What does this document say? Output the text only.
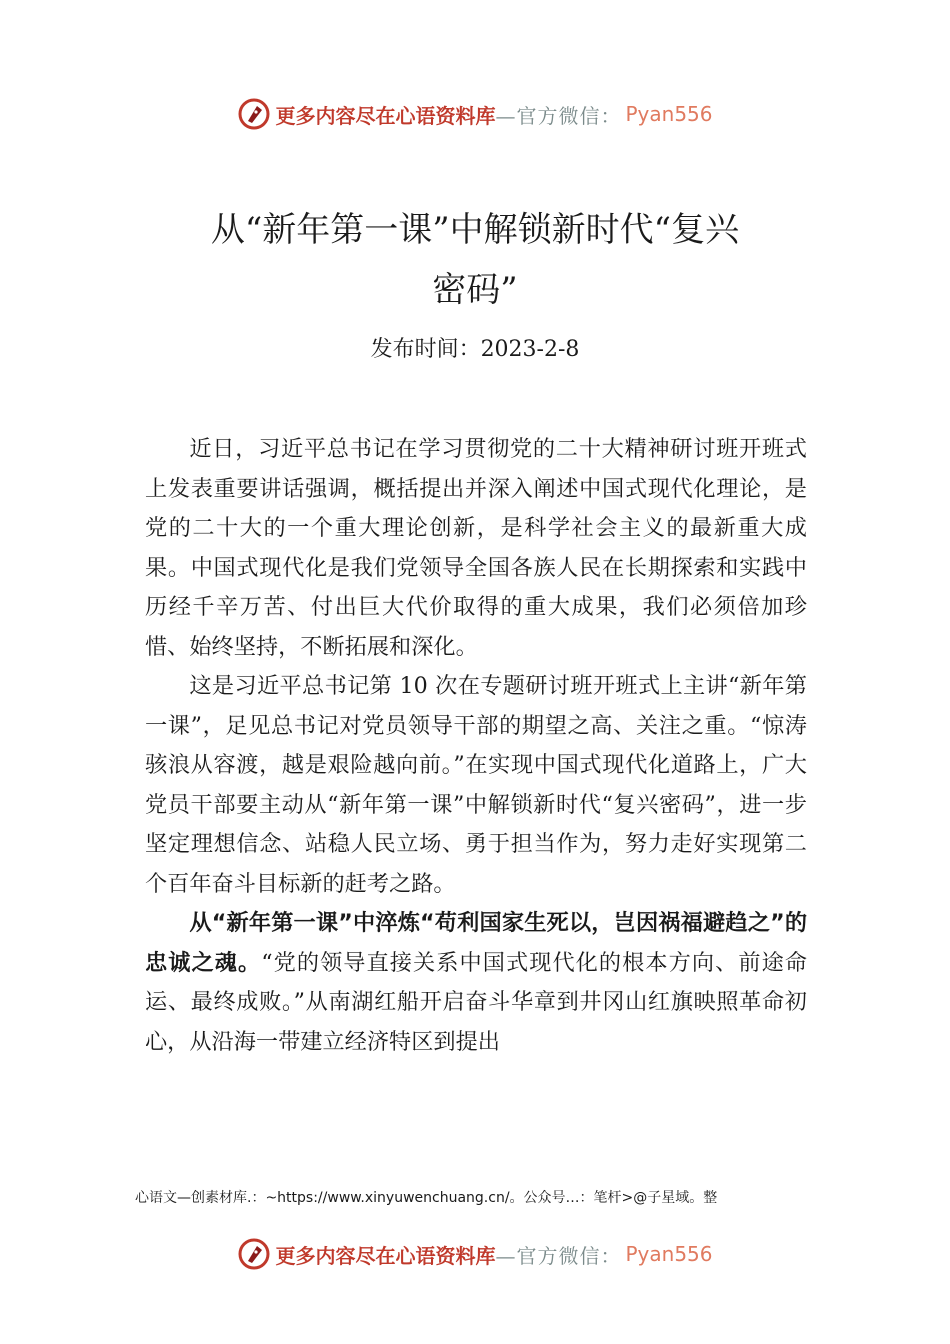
更多内容尽在心语资料库 —官方微信： Pyan556
从“新年第一课”中解锁新时代“复兴
密码”
发布时间：2023-2-8

近日，习近平总书记在学习贯彻党的二十大精神研讨班开班式上发表重要讲话强调，概括提出并深入阐述中国式现代化理论，是党的二十大的一个重大理论创新，是科学社会主义的最新重大成果。中国式现代化是我们党领导全国各族人民在长期探索和实践中历经千辛万苦、付出巨大代价取得的重大成果，我们必须倍加珍惜、始终坚持，不断拓展和深化。

这是习近平总书记第 10 次在专题研讨班开班式上主讲“新年第一课”，足见总书记对党员领导干部的期望之高、关注之重。“惊涛骇浪从容渡，越是艰险越向前。”在实现中国式现代化道路上，广大党员干部要主动从“新年第一课”中解锁新时代“复兴密码”，进一步坚定理想信念、站稳人民立场、勇于担当作为，努力走好实现第二个百年奋斗目标新的赶考之路。

从“新年第一课”中淬炼“苟利国家生死以，岂因祸福避趋之”的忠诚之魂。“党的领导直接关系中国式现代化的根本方向、前途命运、最终成败。”从南湖红船开启奋斗华章到井冈山红旗映照革命初心，从沿海一带建立经济特区到提出

心语文—创素材库.：~https://www.xinyuwenchuang.cn/。公众号…：笔杆>@子星域。整
更多内容尽在心语资料库 —官方微信： Pyan556
